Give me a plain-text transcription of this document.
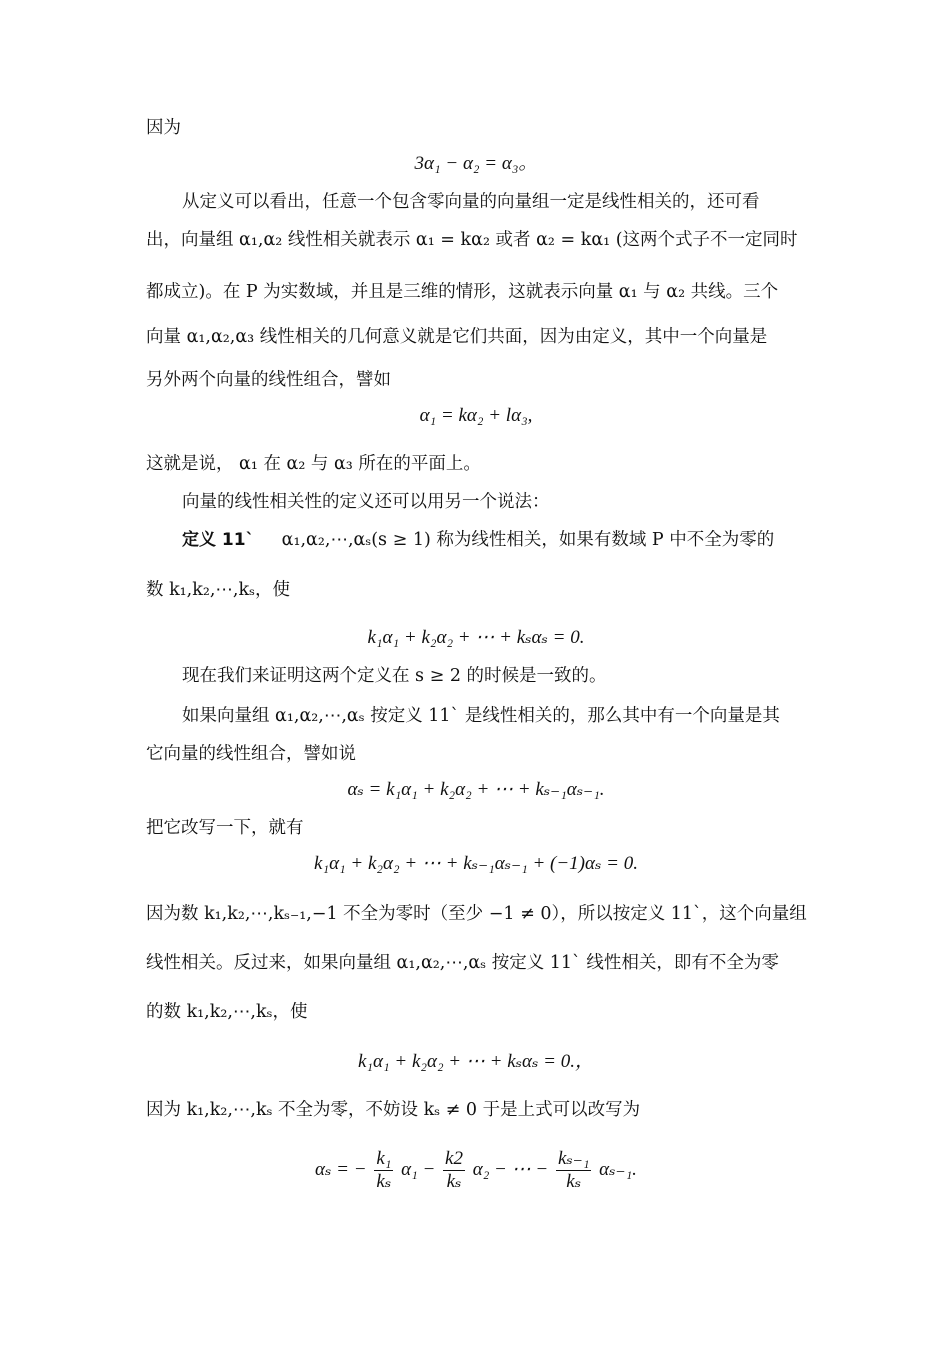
因为
3α₁ − α₂ = α₃。
从定义可以看出，任意一个包含零向量的向量组一定是线性相关的，还可看
出，向量组 α₁,α₂ 线性相关就表示 α₁ = kα₂ 或者 α₂ = kα₁ (这两个式子不一定同时
都成立)。在 P 为实数域，并且是三维的情形，这就表示向量 α₁ 与 α₂ 共线。三个
向量 α₁,α₂,α₃ 线性相关的几何意义就是它们共面，因为由定义，其中一个向量是
另外两个向量的线性组合，譬如
α₁ = kα₂ + lα₃,
这就是说， α₁ 在 α₂ 与 α₃ 所在的平面上。
向量的线性相关性的定义还可以用另一个说法：
定义 11` α₁,α₂,⋯,αₛ(s ≥ 1) 称为线性相关，如果有数域 P 中不全为零的
数 k₁,k₂,⋯,kₛ，使
k₁α₁ + k₂α₂ + ⋯ + kₛαₛ = 0.
现在我们来证明这两个定义在 s ≥ 2 的时候是一致的。
如果向量组 α₁,α₂,⋯,αₛ 按定义 11` 是线性相关的，那么其中有一个向量是其
它向量的线性组合，譬如说
αₛ = k₁α₁ + k₂α₂ + ⋯ + kₛ₋₁αₛ₋₁.
把它改写一下，就有
k₁α₁ + k₂α₂ + ⋯ + kₛ₋₁αₛ₋₁ + (−1)αₛ = 0.
因为数 k₁,k₂,⋯,kₛ₋₁,−1 不全为零时（至少 −1 ≠ 0），所以按定义 11`，这个向量组
线性相关。反过来，如果向量组 α₁,α₂,⋯,αₛ 按定义 11` 线性相关，即有不全为零
的数 k₁,k₂,⋯,kₛ，使
k₁α₁ + k₂α₂ + ⋯ + kₛαₛ = 0.，
因为 k₁,k₂,⋯,kₛ 不全为零，不妨设 kₛ ≠ 0 于是上式可以改写为
αₛ = − $\frac{\text{k₁}}{\text{kₛ}} \alpha_1 - \frac{k2}{\text{kₛ}} \alpha_2$ − ⋯ − $\frac{\text{kₛ₋₁}}{\text{kₛ}} \alpha_{s-1}$.
